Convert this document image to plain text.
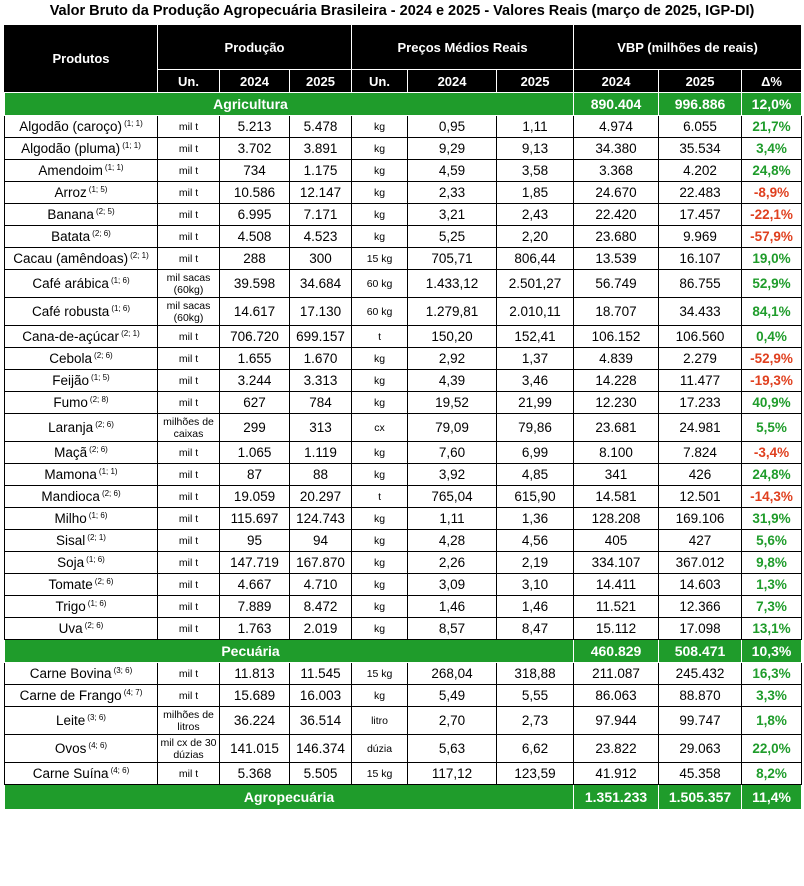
Valor Bruto da Produção Agropecuária Brasileira - 2024 e 2025 - Valores Reais (março de 2025, IGP-DI)
Produtos	Produção			Preços Médios Reais			VBP (milhões de reais)		
	Un.	2024	2025	Un.	2024	2025	2024	2025	Δ%
Agricultura							890.404	996.886	12,0%
Algodão (caroço) $^{(1; 1)}$	mil t	5.213	5.478	kg	0,95	1,11	4.974	6.055	21,7%
Algodão (pluma) $^{(1; 1)}$	mil t	3.702	3.891	kg	9,29	9,13	34.380	35.534	3,4%
Amendoim $^{(1; 1)}$	mil t	734	1.175	kg	4,59	3,58	3.368	4.202	24,8%
Arroz $^{(1; 5)}$	mil t	10.586	12.147	kg	2,33	1,85	24.670	22.483	-8,9%
Banana $^{(2; 5)}$	mil t	6.995	7.171	kg	3,21	2,43	22.420	17.457	-22,1%
Batata $^{(2; 6)}$	mil t	4.508	4.523	kg	5,25	2,20	23.680	9.969	-57,9%
Cacau (amêndoas) $^{(2; 1)}$	mil t	288	300	15 kg	705,71	806,44	13.539	16.107	19,0%
Café arábica $^{(1; 6)}$	mil sacas (60kg)	39.598	34.684	60 kg	1.433,12	2.501,27	56.749	86.755	52,9%
Café robusta $^{(1; 6)}$	mil sacas (60kg)	14.617	17.130	60 kg	1.279,81	2.010,11	18.707	34.433	84,1%
Cana-de-açúcar $^{(2; 1)}$	mil t	706.720	699.157	t	150,20	152,41	106.152	106.560	0,4%
Cebola $^{(2; 6)}$	mil t	1.655	1.670	kg	2,92	1,37	4.839	2.279	-52,9%
Feijão $^{(1; 5)}$	mil t	3.244	3.313	kg	4,39	3,46	14.228	11.477	-19,3%
Fumo $^{(2; 8)}$	mil t	627	784	kg	19,52	21,99	12.230	17.233	40,9%
Laranja $^{(2; 6)}$	milhões de caixas	299	313	cx	79,09	79,86	23.681	24.981	5,5%
Maçã $^{(2; 6)}$	mil t	1.065	1.119	kg	7,60	6,99	8.100	7.824	-3,4%
Mamona $^{(1; 1)}$	mil t	87	88	kg	3,92	4,85	341	426	24,8%
Mandioca $^{(2; 6)}$	mil t	19.059	20.297	t	765,04	615,90	14.581	12.501	-14,3%
Milho $^{(1; 6)}$	mil t	115.697	124.743	kg	1,11	1,36	128.208	169.106	31,9%
Sisal $^{(2; 1)}$	mil t	95	94	kg	4,28	4,56	405	427	5,6%
Soja $^{(1; 6)}$	mil t	147.719	167.870	kg	2,26	2,19	334.107	367.012	9,8%
Tomate $^{(2; 6)}$	mil t	4.667	4.710	kg	3,09	3,10	14.411	14.603	1,3%
Trigo $^{(1; 6)}$	mil t	7.889	8.472	kg	1,46	1,46	11.521	12.366	7,3%
Uva $^{(2; 6)}$	mil t	1.763	2.019	kg	8,57	8,47	15.112	17.098	13,1%
Pecuária							460.829	508.471	10,3%
Carne Bovina $^{(3; 6)}$	mil t	11.813	11.545	15 kg	268,04	318,88	211.087	245.432	16,3%
Carne de Frango $^{(4; 7)}$	mil t	15.689	16.003	kg	5,49	5,55	86.063	88.870	3,3%
Leite $^{(3; 6)}$	milhões de litros	36.224	36.514	litro	2,70	2,73	97.944	99.747	1,8%
Ovos $^{(4; 6)}$	mil cx de 30 dúzias	141.015	146.374	dúzia	5,63	6,62	23.822	29.063	22,0%
Carne Suína $^{(4; 6)}$	mil t	5.368	5.505	15 kg	117,12	123,59	41.912	45.358	8,2%
Agropecuária							1.351.233	1.505.357	11,4%
